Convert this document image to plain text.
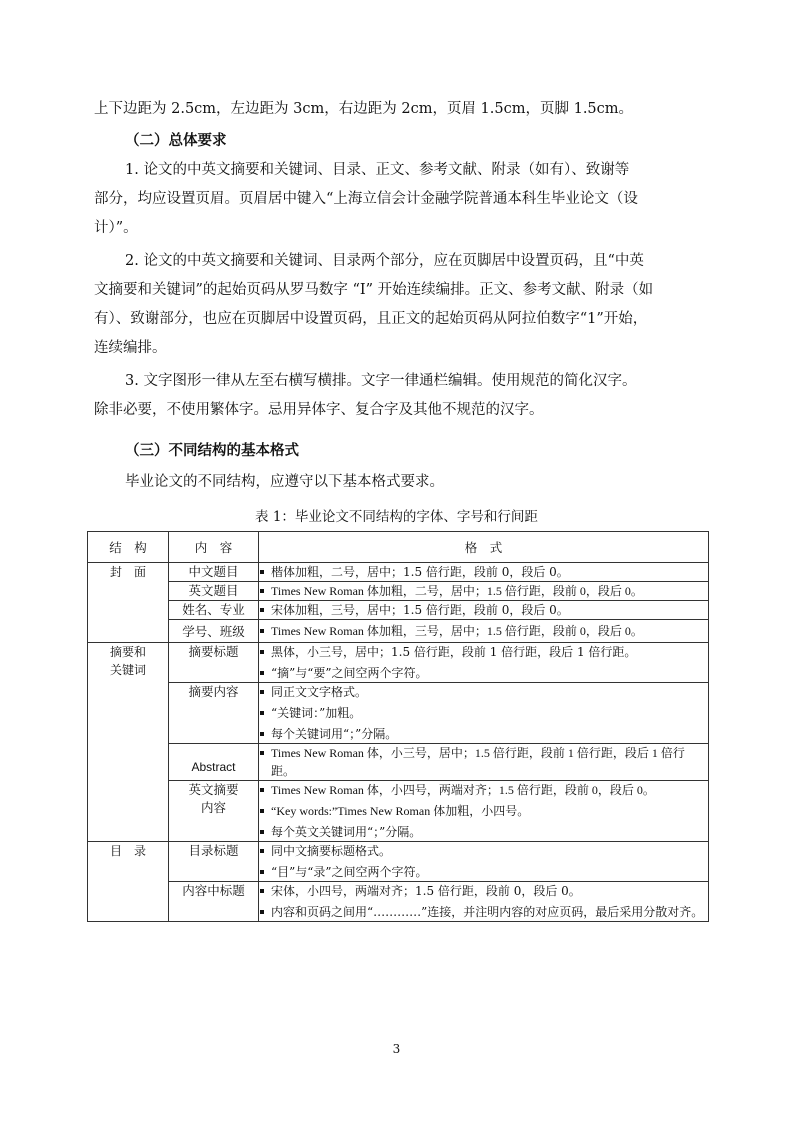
上下边距为 2.5cm，左边距为 3cm，右边距为 2cm，页眉 1.5cm，页脚 1.5cm。

（二）总体要求

1. 论文的中英文摘要和关键词、目录、正文、参考文献、附录（如有）、致谢等

部分，均应设置页眉。页眉居中键入“上海立信会计金融学院普通本科生毕业论文（设

计）”。

2. 论文的中英文摘要和关键词、目录两个部分，应在页脚居中设置页码，且“中英

文摘要和关键词”的起始页码从罗马数字 “I” 开始连续编排。正文、参考文献、附录（如

有）、致谢部分，也应在页脚居中设置页码，且正文的起始页码从阿拉伯数字“1”开始，

连续编排。

3. 文字图形一律从左至右横写横排。文字一律通栏编辑。使用规范的简化汉字。

除非必要，不使用繁体字。忌用异体字、复合字及其他不规范的汉字。

（三）不同结构的基本格式

毕业论文的不同结构，应遵守以下基本格式要求。

表 1：毕业论文不同结构的字体、字号和行间距

结　构	内　容	格　式
封　面	中文题目	楷体加粗，二号，居中；1.5 倍行距，段前 0，段后 0。

	英文题目	Times New Roman 体加粗，二号，居中；1.5 倍行距，段前 0，段后 0。

	姓名、专业	宋体加粗，三号，居中；1.5 倍行距，段前 0，段后 0。

	学号、班级	Times New Roman 体加粗，三号，居中；1.5 倍行距，段前 0，段后 0。

摘要和关键词	摘要标题	黑体，小三号，居中；1.5 倍行距，段前 1 倍行距，段后 1 倍行距。
“摘”与“要”之间空两个字符。

	摘要内容	同正文文字格式。
“关键词：”加粗。
每个关键词用“；”分隔。

	Abstract	Times New Roman 体，小三号，居中；1.5 倍行距，段前 1 倍行距，段后 1 倍行距。

	英文摘要内容	Times New Roman 体，小四号，两端对齐；1.5 倍行距，段前 0，段后 0。
“Key words:”Times New Roman 体加粗，小四号。
每个英文关键词用“；”分隔。

目　录	目录标题	同中文摘要标题格式。
“目”与“录”之间空两个字符。

	内容中标题	宋体，小四号，两端对齐；1.5 倍行距，段前 0，段后 0。
内容和页码之间用“…………”连接，并注明内容的对应页码，最后采用分散对齐。

3
